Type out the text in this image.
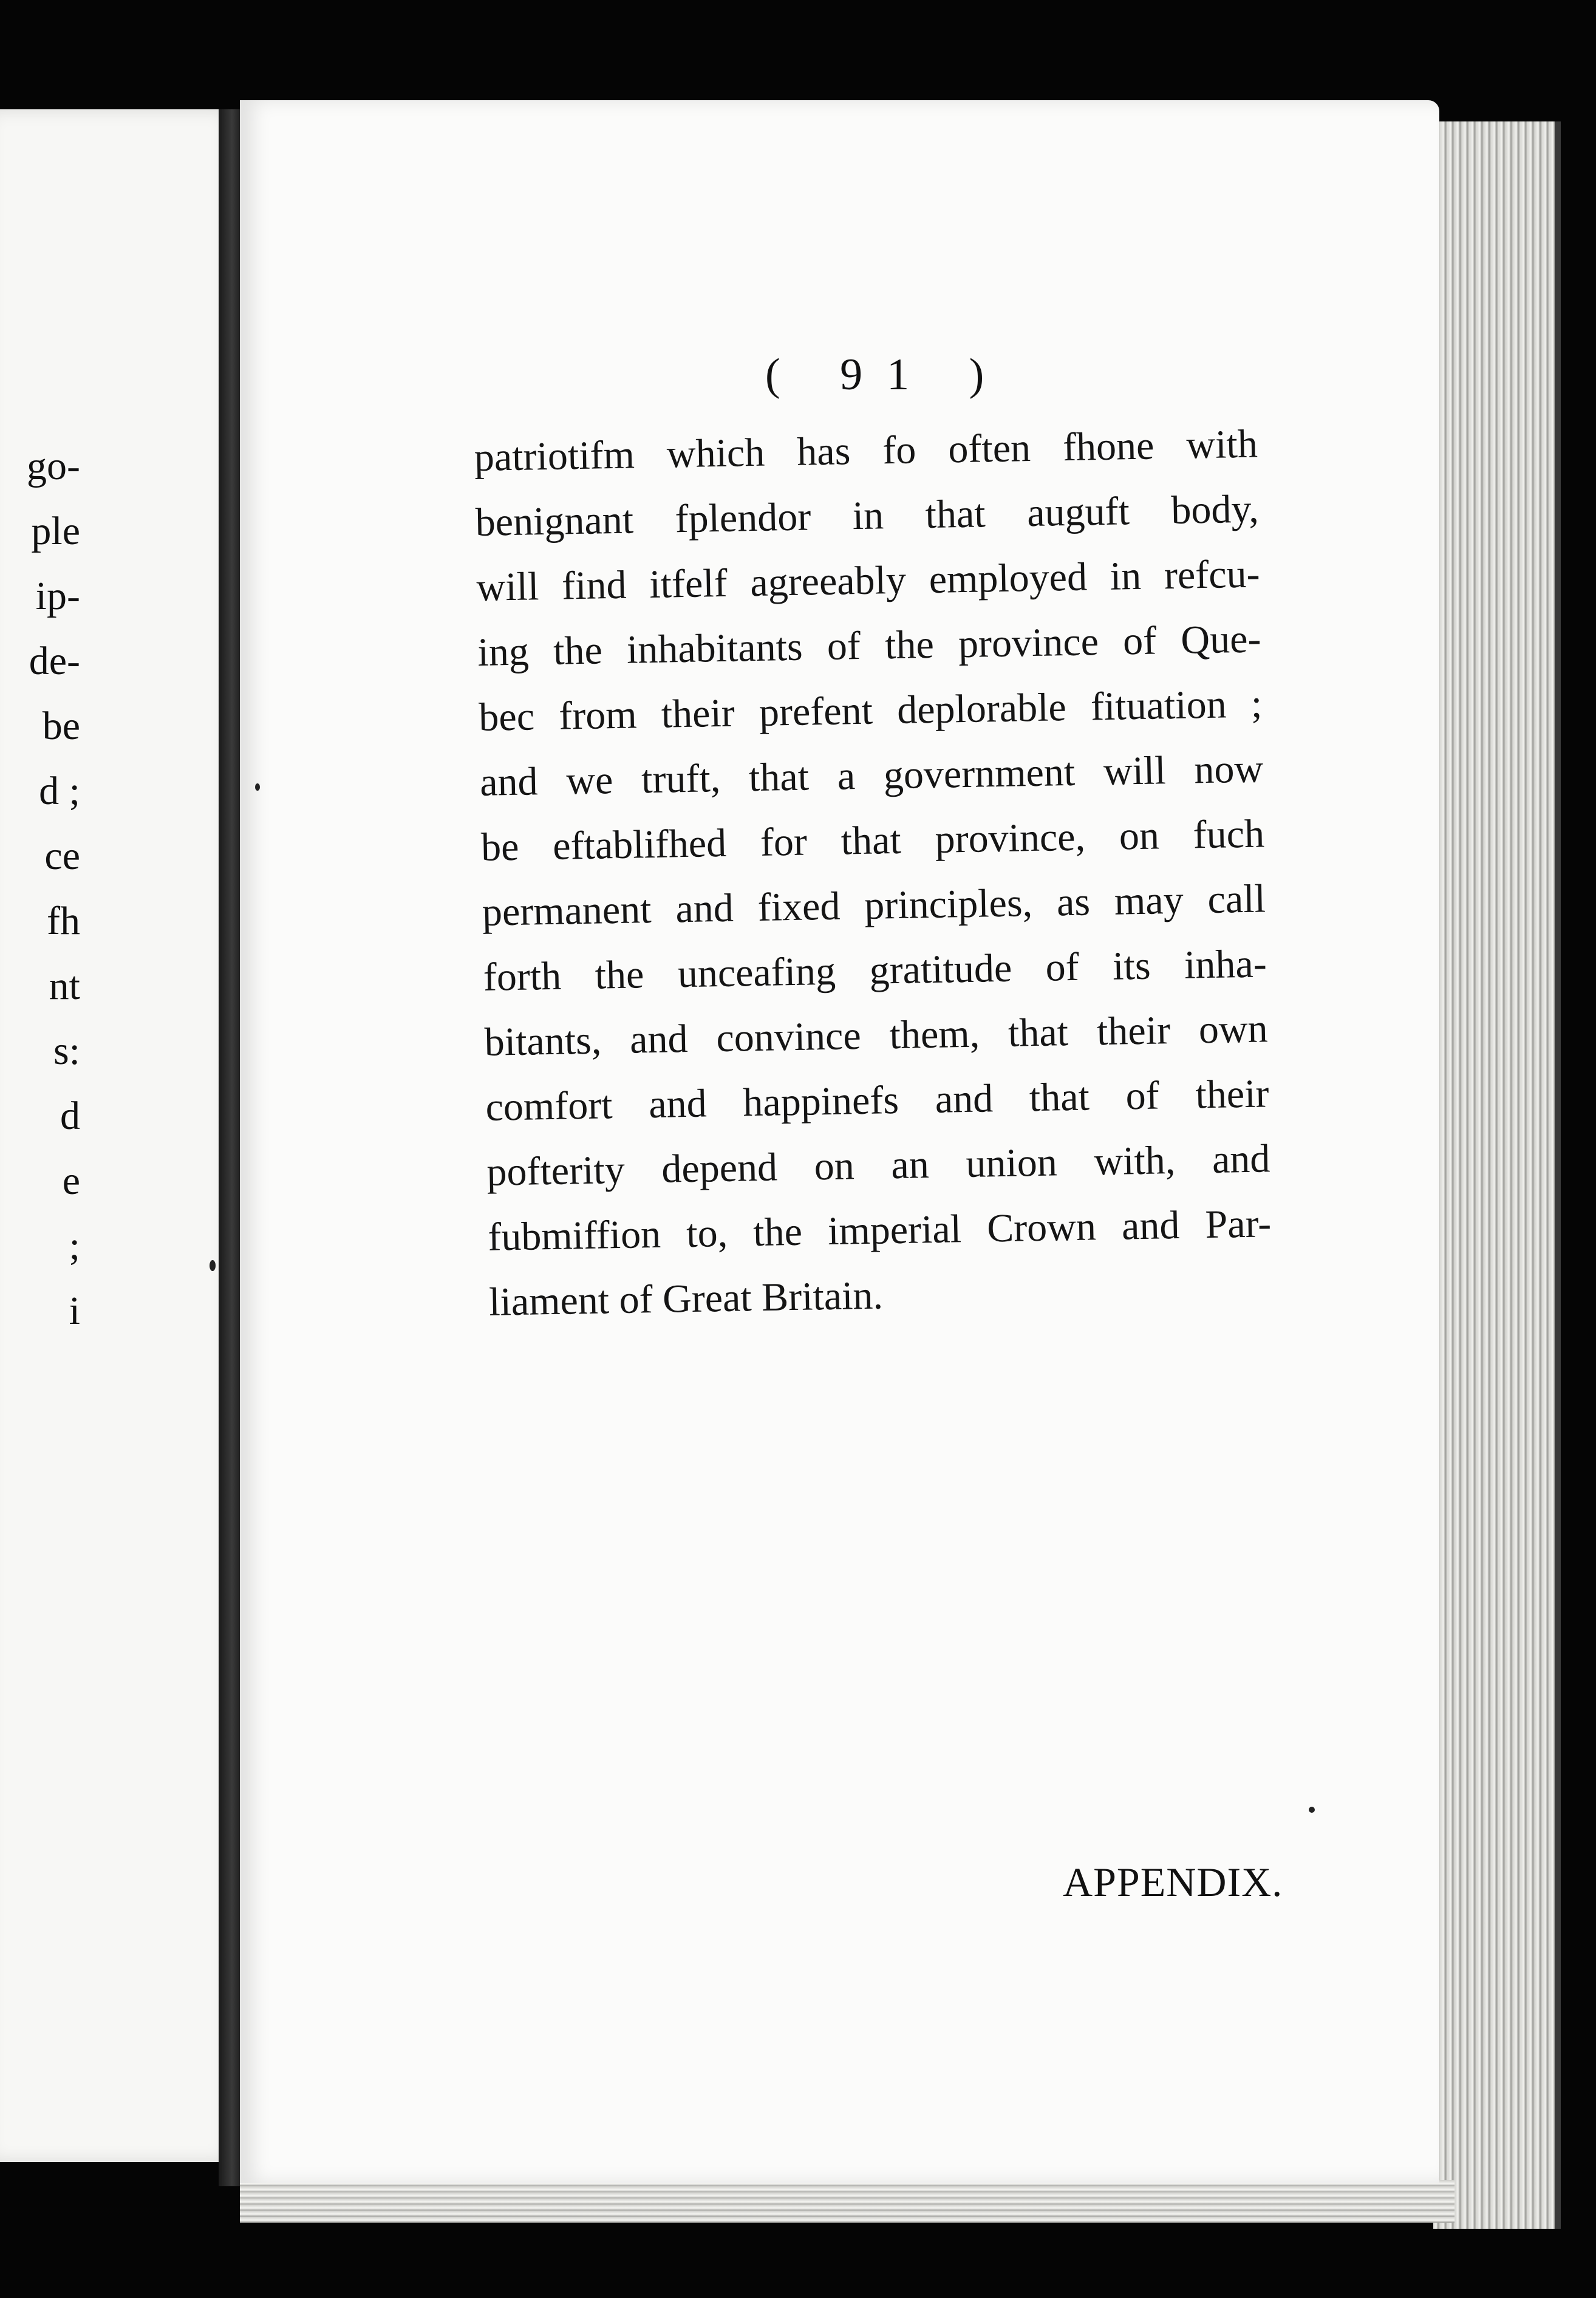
go-
ple
ip-
de-
be
d ;
ce
fh
nt
s:
d
e
;
i
( 91 )
patriotifm which has fo often fhone with
benignant fplendor in that auguft body,
will find itfelf agreeably employed in refcu-
ing the inhabitants of the province of Que-
bec from their prefent deplorable fituation ;
and we truft, that a government will now
be eftablifhed for that province, on fuch
permanent and fixed principles, as may call
forth the unceafing gratitude of its inha-
bitants, and convince them, that their own
comfort and happinefs and that of their
pofterity depend on an union with, and
fubmiffion to, the imperial Crown and Par-
liament of Great Britain.
APPENDIX.
